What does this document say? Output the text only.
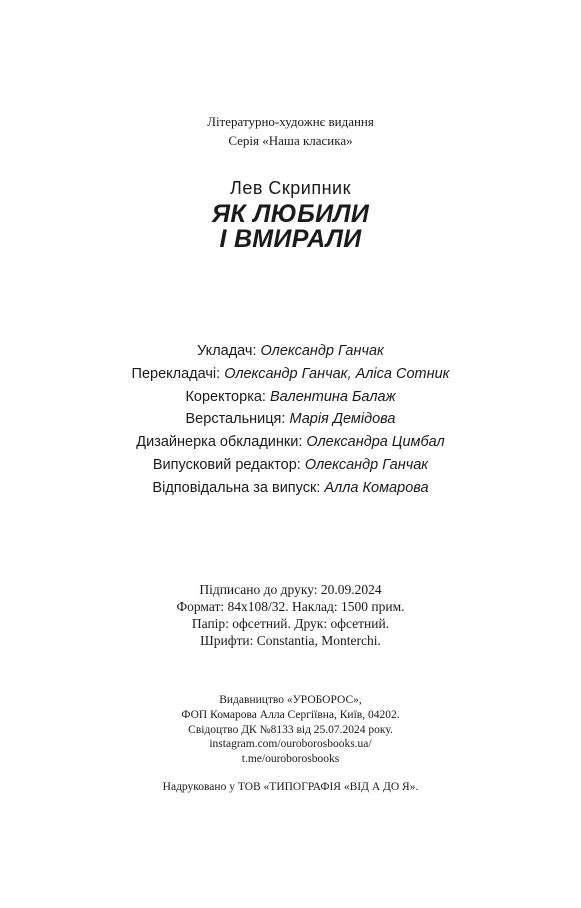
Літературно-художнє видання
Серія «Наша класика»
Лев Скрипник
ЯК ЛЮБИЛИ
І ВМИРАЛИ
Укладач: Олександр Ганчак
Перекладачі: Олександр Ганчак, Аліса Сотник
Коректорка: Валентина Балаж
Верстальниця: Марія Демідова
Дизайнерка обкладинки: Олександра Цимбал
Випусковий редактор: Олександр Ганчак
Відповідальна за випуск: Алла Комарова
Підписано до друку: 20.09.2024
Формат: 84х108/32. Наклад: 1500 прим.
Папір: офсетний. Друк: офсетний.
Шрифти: Constantia, Monterchi.
Видавництво «УРОБОРОС»,
ФОП Комарова Алла Сергіївна, Київ, 04202.
Свідоцтво ДК №8133 від 25.07.2024 року.
instagram.com/ouroborosbooks.ua/
t.me/ouroborosbooks
Надруковано у ТОВ «ТИПОГРАФІЯ «ВІД А ДО Я».
